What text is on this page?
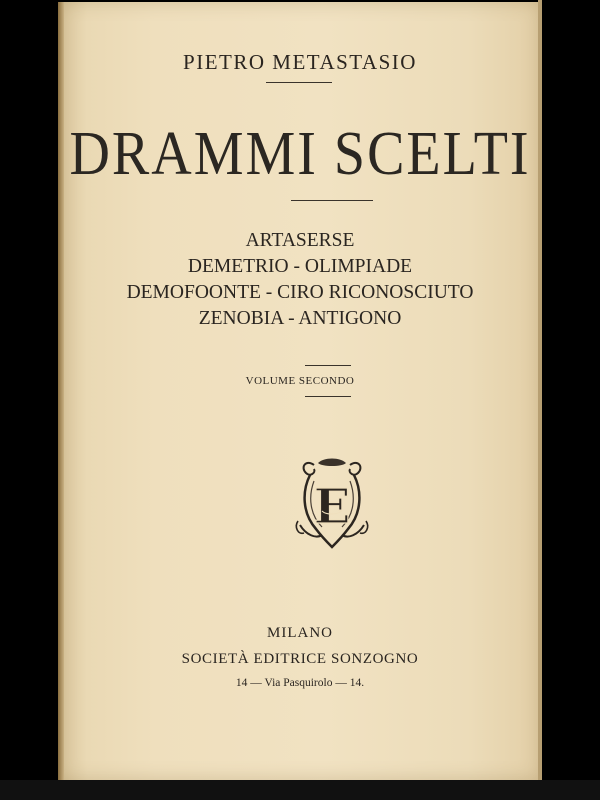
PIETRO METASTASIO
DRAMMI SCELTI
ARTASERSE
DEMETRIO - OLIMPIADE
DEMOFOONTE - CIRO RICONOSCIUTO
ZENOBIA - ANTIGONO
VOLUME SECONDO
E
MILANO
SOCIETÀ EDITRICE SONZOGNO
14 — Via Pasquirolo — 14.
